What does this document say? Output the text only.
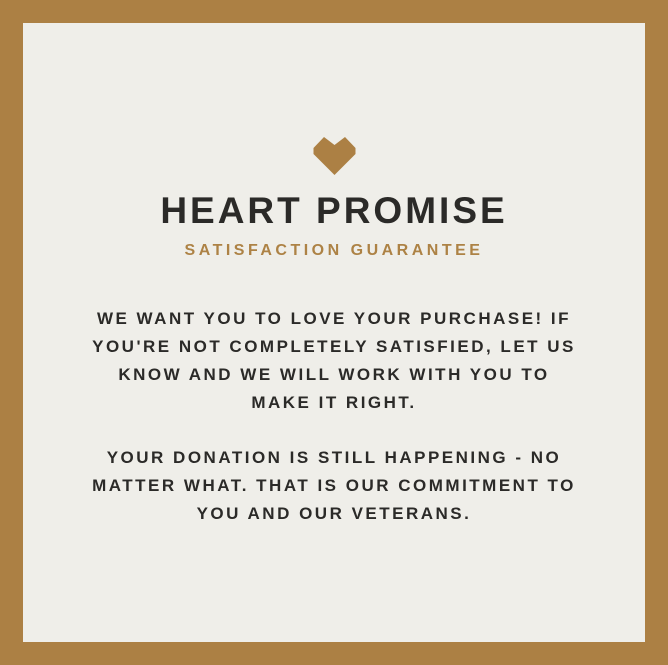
HEART PROMISE
SATISFACTION GUARANTEE
WE WANT YOU TO LOVE YOUR PURCHASE! IF
YOU'RE NOT COMPLETELY SATISFIED, LET US
KNOW AND WE WILL WORK WITH YOU TO
MAKE IT RIGHT.
YOUR DONATION IS STILL HAPPENING - NO
MATTER WHAT. THAT IS OUR COMMITMENT TO
YOU AND OUR VETERANS.
